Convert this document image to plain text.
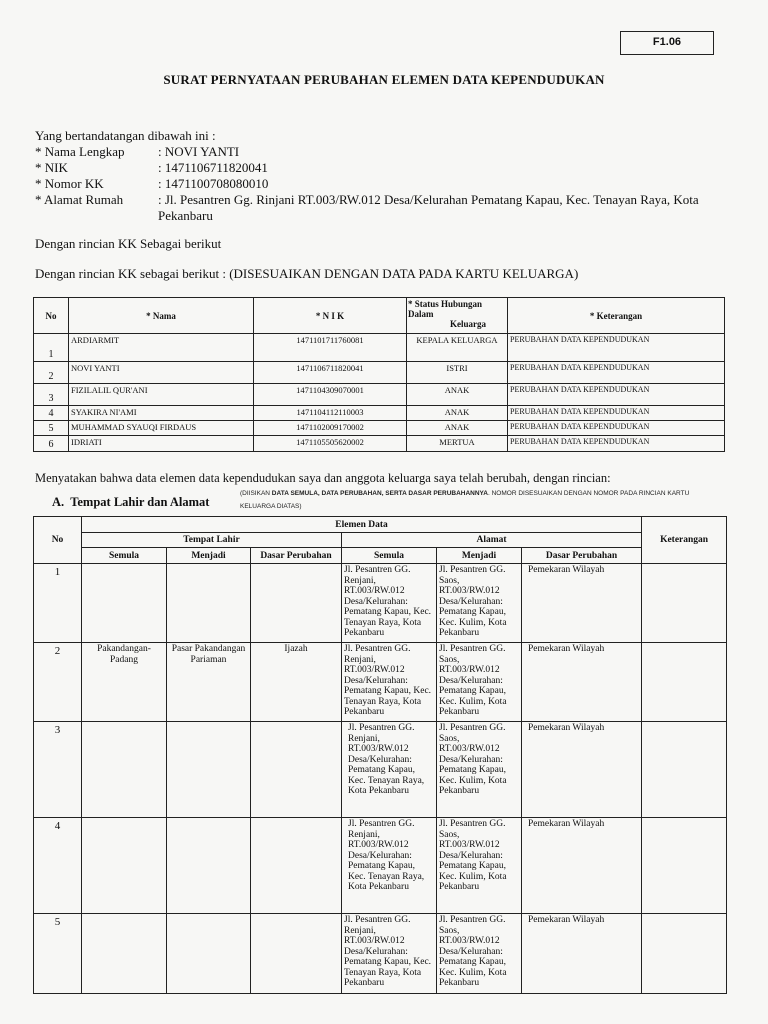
F1.06
SURAT PERNYATAAN PERUBAHAN ELEMEN DATA KEPENDUDUKAN
Yang bertandatangan dibawah ini :
* Nama Lengkap	: NOVI YANTI
* NIK	: 1471106711820041
* Nomor KK	: 1471100708080010
* Alamat Rumah	: Jl. Pesantren Gg. Rinjani RT.003/RW.012 Desa/Kelurahan Pematang Kapau, Kec. Tenayan Raya, Kota Pekanbaru
Dengan rincian KK Sebagai berikut
Dengan rincian KK sebagai berikut : (DISESUAIKAN DENGAN DATA PADA KARTU KELUARGA)
No	* Nama	* N I K	* Status Hubungan
Dalam
Keluarga	* Keterangan
1	ARDIARMIT	1471101711760081	KEPALA KELUARGA	PERUBAHAN DATA KEPENDUDUKAN
2	NOVI YANTI	1471106711820041	ISTRI	PERUBAHAN DATA KEPENDUDUKAN
3	FIZILALIL QUR'ANI	1471104309070001	ANAK	PERUBAHAN DATA KEPENDUDUKAN
4	SYAKIRA NI'AMI	1471104112110003	ANAK	PERUBAHAN DATA KEPENDUDUKAN
5	MUHAMMAD SYAUQI FIRDAUS	1471102009170002	ANAK	PERUBAHAN DATA KEPENDUDUKAN
6	IDRIATI	1471105505620002	MERTUA	PERUBAHAN DATA KEPENDUDUKAN
Menyatakan bahwa data elemen data kependudukan saya dan anggota keluarga saya telah berubah, dengan rincian:
A. Tempat Lahir dan Alamat
(DIISIKAN DATA SEMULA, DATA PERUBAHAN, SERTA DASAR PERUBAHANNYA. NOMOR DISESUAIKAN DENGAN NOMOR PADA RINCIAN KARTU KELUARGA DIATAS)
No	Elemen Data						Keterangan
	Tempat Lahir			Alamat			
	Semula	Menjadi	Dasar Perubahan	Semula	Menjadi	Dasar Perubahan	
1				Jl. Pesantren GG. Renjani, RT.003/RW.012 Desa/Kelurahan: Pematang Kapau, Kec. Tenayan Raya, Kota Pekanbaru	Jl. Pesantren GG. Saos, RT.003/RW.012 Desa/Kelurahan: Pematang Kapau, Kec. Kulim, Kota Pekanbaru	Pemekaran Wilayah	
2	Pakandangan-Padang	Pasar Pakandangan Pariaman	Ijazah	Jl. Pesantren GG. Renjani, RT.003/RW.012 Desa/Kelurahan: Pematang Kapau, Kec. Tenayan Raya, Kota Pekanbaru	Jl. Pesantren GG. Saos, RT.003/RW.012 Desa/Kelurahan: Pematang Kapau, Kec. Kulim, Kota Pekanbaru	Pemekaran Wilayah	
3				Jl. Pesantren GG. Renjani, RT.003/RW.012 Desa/Kelurahan: Pematang Kapau, Kec. Tenayan Raya, Kota Pekanbaru	Jl. Pesantren GG. Saos, RT.003/RW.012 Desa/Kelurahan: Pematang Kapau, Kec. Kulim, Kota Pekanbaru	Pemekaran Wilayah	
4				Jl. Pesantren GG. Renjani, RT.003/RW.012 Desa/Kelurahan: Pematang Kapau, Kec. Tenayan Raya, Kota Pekanbaru	Jl. Pesantren GG. Saos, RT.003/RW.012 Desa/Kelurahan: Pematang Kapau, Kec. Kulim, Kota Pekanbaru	Pemekaran Wilayah	
5				Jl. Pesantren GG. Renjani, RT.003/RW.012 Desa/Kelurahan: Pematang Kapau, Kec. Tenayan Raya, Kota Pekanbaru	Jl. Pesantren GG. Saos, RT.003/RW.012 Desa/Kelurahan: Pematang Kapau, Kec. Kulim, Kota Pekanbaru	Pemekaran Wilayah	
